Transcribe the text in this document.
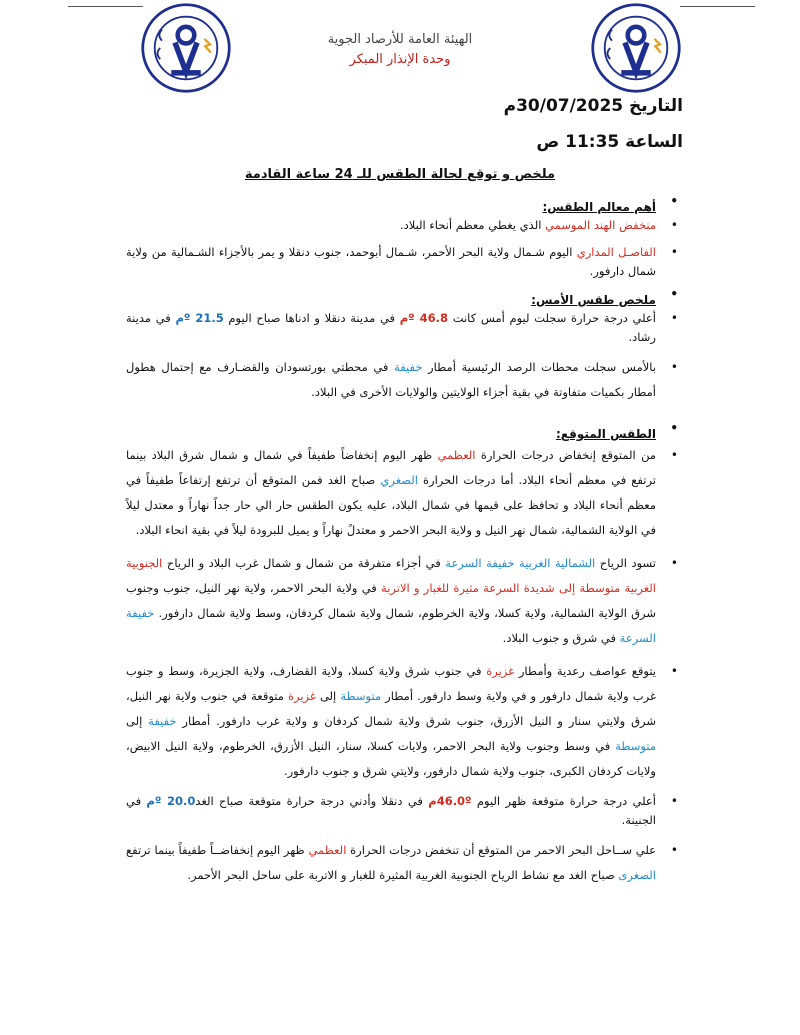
الهيئة العامة للأرصاد الجوية
وحدة الإنذار المبكر
التاريخ 30/07/2025م
الساعة 11:35 ص
ملخص و توقع لحالة الطقس للـ 24 ساعة القادمة
•
أهم معالم الطقس:
•
منخفض الهند الموسمي الذي يغطي معظم أنحاء البلاد.
•
الفاصـل المداري اليوم شـمال ولاية البحر الأحمر، شـمال أبوحمد، جنوب دنقلا و يمر بالأجزاء الشـمالية من ولاية شمال دارفور.
•
ملخص طقس الأمس:
•
أعلي درجة حرارة سجلت ليوم أمس كانت 46.8 ºم في مدينة دنقلا و ادناها صباح اليوم 21.5 ºم في مدينة رشاد.
•
بالأمس سجلت محطات الرصد الرئيسية أمطار خفيفة في محطتي بورتسودان والقضـارف مع إحتمال هطول أمطار بكميات متفاوتة في بقية أجزاء الولايتين والولايات الأخرى في البلاد.
•
الطقس المتوقع:
•
من المتوقع إنخفاض درجات الحرارة العظمي ظهر اليوم إنخفاضاً طفيفاً في شمال و شمال شرق البلاد بينما ترتفع في معظم أنحاء البلاد. أما درجات الحرارة الصغري صباح الغد فمن المتوقع أن ترتفع إرتفاعاً طفيفاً في معظم أنحاء البلاد و تحافظ على قيمها في شمال البلاد، عليه يكون الطقس حار الي حار جداً نهاراً و معتدل ليلاً في الولاية الشمالية، شمال نهر النيل و ولاية البحر الاحمر و معتدلً نهاراً و يميل للبرودة ليلاً في بقية انحاء البلاد.
•
تسود الرياح الشمالية الغربية خفيفة السرعة في أجزاء متفرقة من شمال و شمال غرب البلاد و الرياح الجنوبية الغربية متوسطة إلى شديدة السرعة مثيرة للغبار و الاتربة في ولاية البحر الاحمر، ولاية نهر النيل، جنوب وجنوب شرق الولاية الشمالية، ولاية كسلا، ولاية الخرطوم، شمال ولاية شمال كردفان، وسط ولاية شمال دارفور. خفيفة السرعة في شرق و جنوب البلاد.
•
يتوقع عواصف رعدية وأمطار غزيرة في جنوب شرق ولاية كسلا، ولاية القضارف، ولاية الجزيرة، وسط و جنوب غرب ولاية شمال دارفور و في ولاية وسط دارفور. أمطار متوسطة إلى غزيرة متوقعة في جنوب ولاية نهر النيل، شرق ولايتي سنار و النيل الأزرق، جنوب شرق ولاية شمال كردفان و ولاية غرب دارفور. أمطار خفيفة إلى متوسطة في وسط وجنوب ولاية البحر الاحمر، ولايات كسلا، سنار، النيل الأزرق، الخرطوم، ولاية النيل الابيض، ولايات كردفان الكبرى، جنوب ولاية شمال دارفور، ولايتي شرق و جنوب دارفور.
•
أعلي درجة حرارة متوقعة ظهر اليوم 46.0ºم في دنقلا وأدني درجة حرارة متوقعة صباح الغد20.0 ºم في الجنينة.
•
علي ســاحل البحر الاحمر من المتوقع أن تنخفض درجات الحرارة العظمي ظهر اليوم إنخفاضــاً طفيفاً بينما ترتفع الصغرى صباح الغد مع نشاط الرياح الجنوبية الغربية المثيرة للغبار و الاتربة على ساحل البحر الأحمر.
